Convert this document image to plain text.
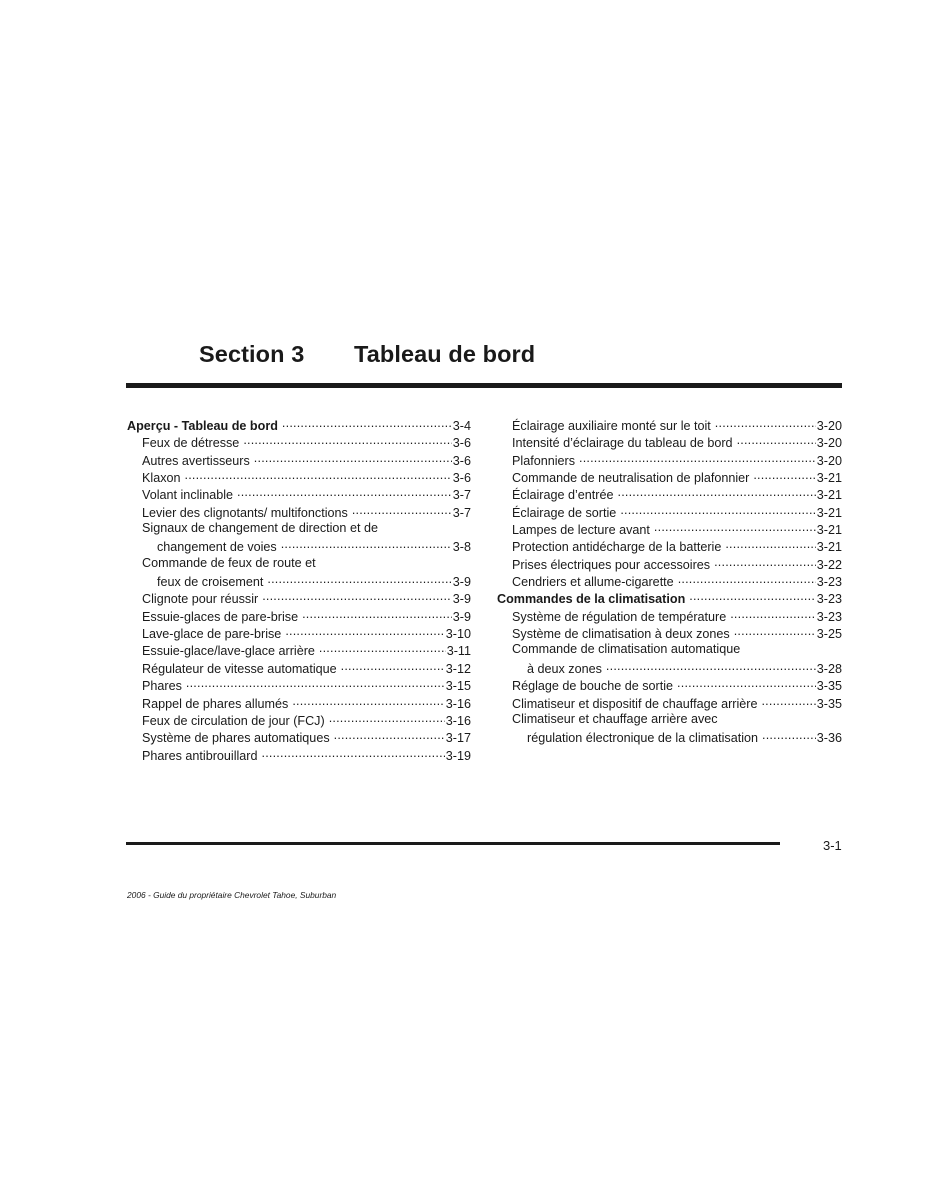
Section 3 Tableau de bord
Aperçu - Tableau de bord .....	3-4
Feux de détresse .....	3-6
Autres avertisseurs .....	3-6
Klaxon .....	3-6
Volant inclinable .....	3-7
Levier des clignotants/ multifonctions .....	3-7
Signaux de changement de direction et de
changement de voies .....	3-8
Commande de feux de route et
feux de croisement .....	3-9
Clignote pour réussir .....	3-9
Essuie-glaces de pare-brise .....	3-9
Lave-glace de pare-brise .....	3-10
Essuie-glace/lave-glace arrière .....	3-11
Régulateur de vitesse automatique .....	3-12
Phares .....	3-15
Rappel de phares allumés .....	3-16
Feux de circulation de jour (FCJ) .....	3-16
Système de phares automatiques .....	3-17
Phares antibrouillard .....	3-19
Éclairage auxiliaire monté sur le toit .....	3-20
Intensité d’éclairage du tableau de bord .....	3-20
Plafonniers .....	3-20
Commande de neutralisation de plafonnier .....	3-21
Éclairage d’entrée .....	3-21
Éclairage de sortie .....	3-21
Lampes de lecture avant .....	3-21
Protection antidécharge de la batterie .....	3-21
Prises électriques pour accessoires .....	3-22
Cendriers et allume-cigarette .....	3-23
Commandes de la climatisation .....	3-23
Système de régulation de température .....	3-23
Système de climatisation à deux zones .....	3-25
Commande de climatisation automatique
à deux zones .....	3-28
Réglage de bouche de sortie .....	3-35
Climatiseur et dispositif de chauffage arrière .....	3-35
Climatiseur et chauffage arrière avec
régulation électronique de la climatisation .....	3-36
3-1
2006 - Guide du propriétaire Chevrolet Tahoe, Suburban
